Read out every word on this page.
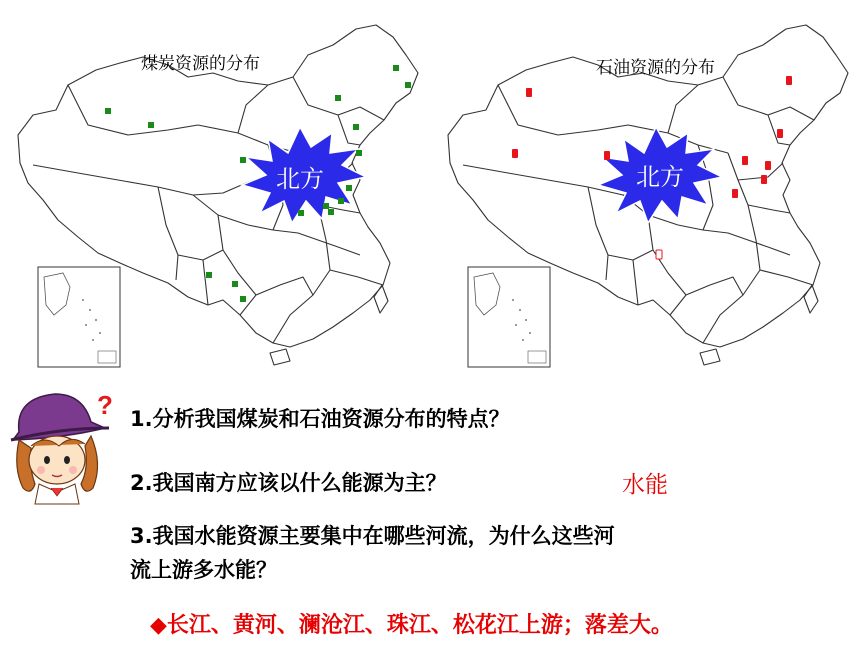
北方
煤炭资源的分布
北方
石油资源的分布
? 1.分析我国煤炭和石油资源分布的特点？
2.我国南方应该以什么能源为主？	水能
3.我国水能资源主要集中在哪些河流，为什么这些河
流上游多水能？
◆长江、黄河、澜沧江、珠江、松花江上游；落差大。
